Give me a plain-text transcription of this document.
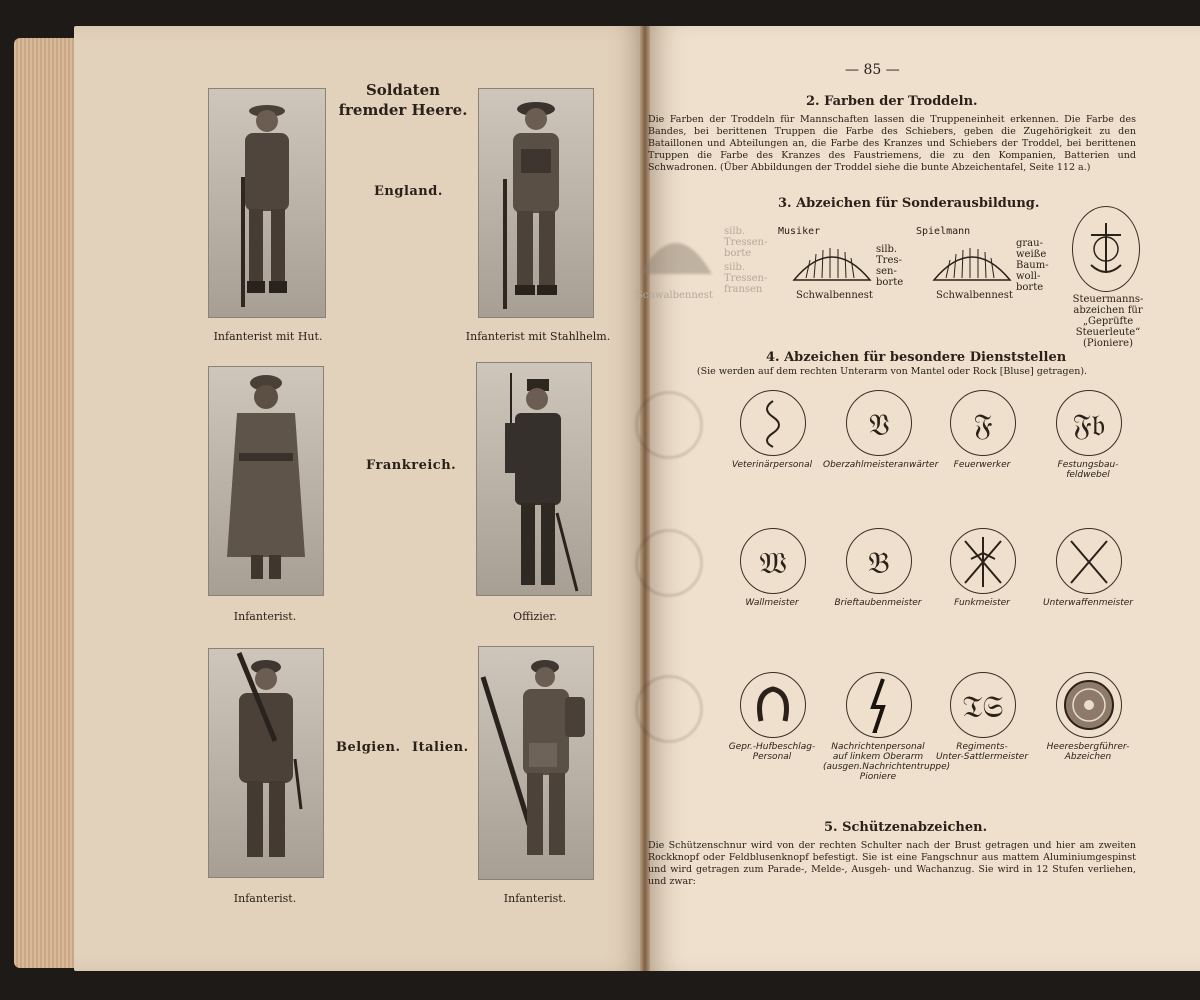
Soldaten
fremder Heere.
Infanterist mit Hut.	Infanterist mit Stahlhelm.
Infanterist.	Offizier.
Infanterist.	Infanterist.
England.
Frankreich.
Belgien. Italien.
— 85 —
2. Farben der Troddeln.
Die Farben der Troddeln für Mannschaften lassen die Truppeneinheit erkennen. Die Farbe des Bandes, bei berittenen Truppen die Farbe des Schiebers, geben die Zugehörigkeit zu den Bataillonen und Abteilungen an, die Farbe des Kranzes und Schiebers der Troddel, bei berittenen Truppen die Farbe des Kranzes des Faustriemens, die zu den Kompanien, Batterien und Schwadronen. (Über Abbildungen der Troddel siehe die bunte Abzeichentafel, Seite 112 a.)
3. Abzeichen für Sonderausbildung.
silb.
Tressen-
borte
silb.
Tressen-
fransen
Schwalbennest
Musiker
silb.
Tres-
sen-
borte
Schwalbennest
Spielmann
grau-
weiße
Baum-
woll-
borte
Schwalbennest	Steuermanns-
abzeichen für
„Geprüfte
Steuerleute“
(Pioniere)
4. Abzeichen für besondere Dienststellen
(Sie werden auf dem rechten Unterarm von Mantel oder Rock [Bluse] getragen).
Veterinärpersonal
𝔙
Oberzahlmeisteranwärter
𝔉
Feuerwerker
𝔉𝔟
Festungsbau-
feldwebel
𝔚
Wallmeister
𝔅
Brieftaubenmeister	Funkmeister	Unterwaffenmeister
Gepr.-Hufbeschlag-
Personal
Nachrichtenpersonal
auf linkem Oberarm
(ausgen.Nachrichtentruppe)
Pioniere
𝔗𝔖
Regiments-
Unter-Sattlermeister
Heeresbergführer-
Abzeichen
5. Schützenabzeichen.
Die Schützenschnur wird von der rechten Schulter nach der Brust getragen und hier am zweiten Rockknopf oder Feldblusenknopf befestigt. Sie ist eine Fangschnur aus mattem Aluminiumgespinst und wird getragen zum Parade-, Melde-, Ausgeh- und Wachanzug. Sie wird in 12 Stufen verliehen, und zwar:
